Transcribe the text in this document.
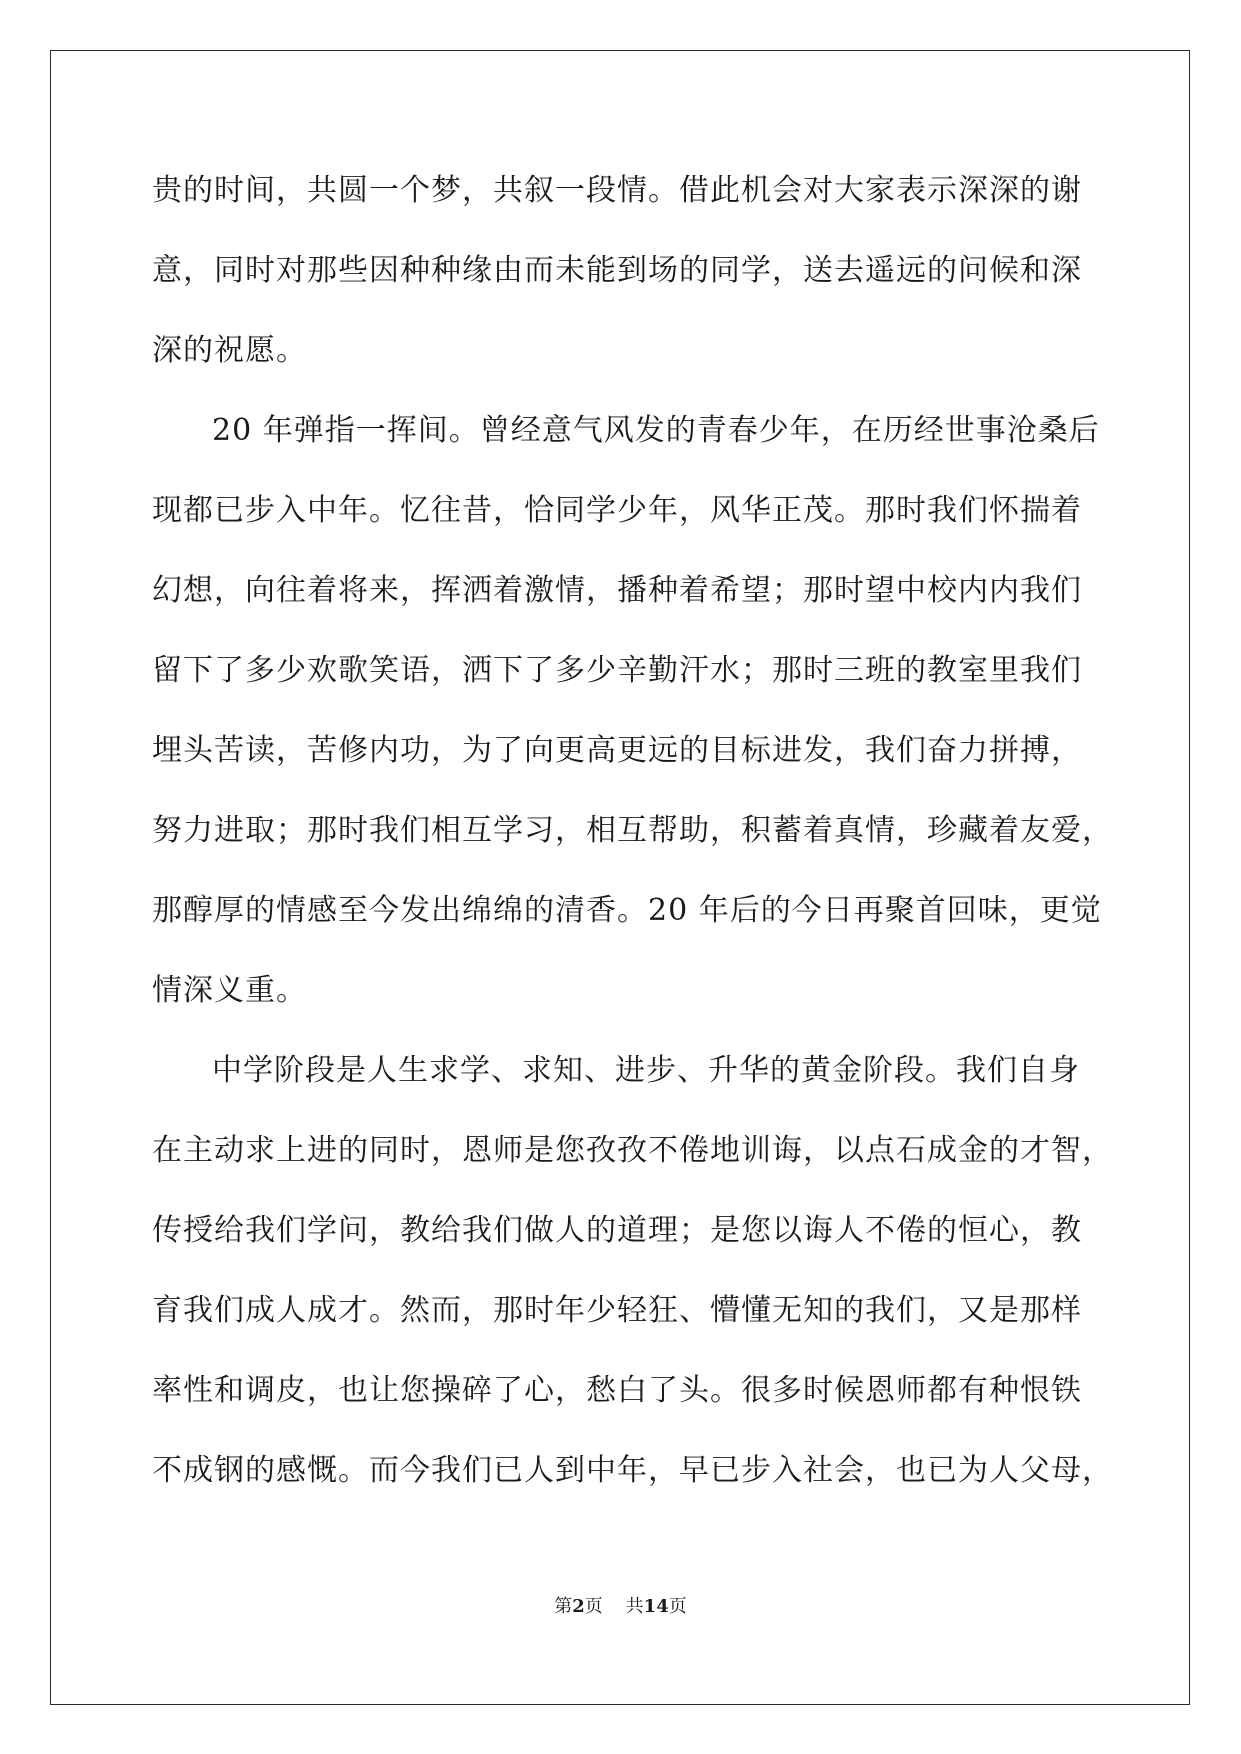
贵的时间，共圆一个梦，共叙一段情。借此机会对大家表示深深的谢
意，同时对那些因种种缘由而未能到场的同学，送去遥远的问候和深
深的祝愿。
20 年弹指一挥间。曾经意气风发的青春少年，在历经世事沧桑后
现都已步入中年。忆往昔，恰同学少年，风华正茂。那时我们怀揣着
幻想，向往着将来，挥洒着激情，播种着希望；那时望中校内内我们
留下了多少欢歌笑语，洒下了多少辛勤汗水；那时三班的教室里我们
埋头苦读，苦修内功，为了向更高更远的目标进发，我们奋力拼搏，
努力进取；那时我们相互学习，相互帮助，积蓄着真情，珍藏着友爱，
那醇厚的情感至今发出绵绵的清香。20 年后的今日再聚首回味，更觉
情深义重。
中学阶段是人生求学、求知、进步、升华的黄金阶段。我们自身
在主动求上进的同时，恩师是您孜孜不倦地训诲，以点石成金的才智，
传授给我们学问，教给我们做人的道理；是您以诲人不倦的恒心，教
育我们成人成才。然而，那时年少轻狂、懵懂无知的我们，又是那样
率性和调皮，也让您操碎了心，愁白了头。很多时候恩师都有种恨铁
不成钢的感慨。而今我们已人到中年，早已步入社会，也已为人父母，
第2页 共14页
